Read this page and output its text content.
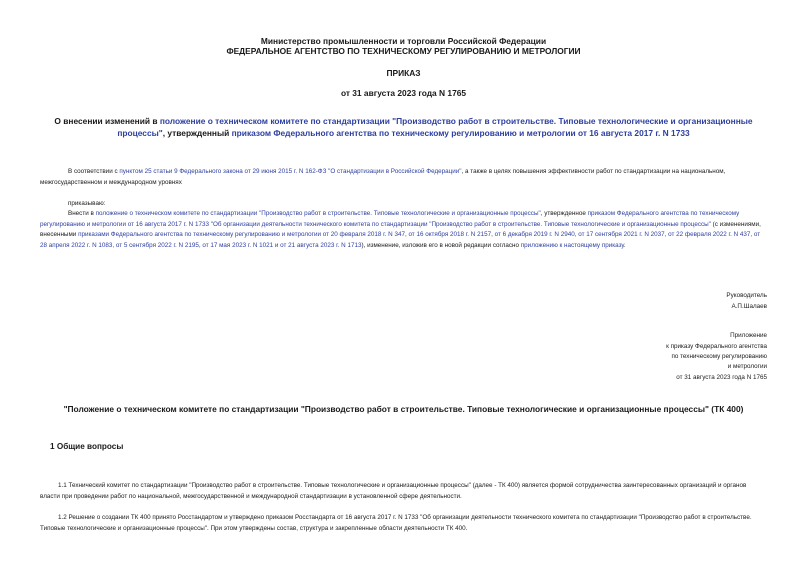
Министерство промышленности и торговли Российской Федерации
ФЕДЕРАЛЬНОЕ АГЕНТСТВО ПО ТЕХНИЧЕСКОМУ РЕГУЛИРОВАНИЮ И МЕТРОЛОГИИ
ПРИКАЗ
от 31 августа 2023 года N 1765
О внесении изменений в положение о техническом комитете по стандартизации "Производство работ в строительстве. Типовые технологические и организационные процессы", утвержденный приказом Федерального агентства по техническому регулированию и метрологии от 16 августа 2017 г. N 1733
В соответствии с пунктом 25 статьи 9 Федерального закона от 29 июня 2015 г. N 162-ФЗ "О стандартизации в Российской Федерации", а также в целях повышения эффективности работ по стандартизации на национальном, межгосударственном и международном уровнях
приказываю:
Внести в положение о техническом комитете по стандартизации "Производство работ в строительстве. Типовые технологические и организационные процессы", утвержденное приказом Федерального агентства по техническому регулированию и метрологии от 16 августа 2017 г. N 1733 "Об организации деятельности технического комитета по стандартизации "Производство работ в строительстве. Типовые технологические и организационные процессы" (с изменениями, внесенными приказами Федерального агентства по техническому регулированию и метрологии от 20 февраля 2018 г. N 347, от 16 октября 2018 г. N 2157, от 6 декабря 2019 г. N 2940, от 17 сентября 2021 г. N 2037, от 22 февраля 2022 г. N 437, от 28 апреля 2022 г. N 1083, от 5 сентября 2022 г. N 2195, от 17 мая 2023 г. N 1021 и от 21 августа 2023 г. N 1713), изменение, изложив его в новой редакции согласно приложению к настоящему приказу.
Руководитель
А.П.Шалаев
Приложение
к приказу Федерального агентства
по техническому регулированию
и метрологии
от 31 августа 2023 года N 1765
"Положение о техническом комитете по стандартизации "Производство работ в строительстве. Типовые технологические и организационные процессы" (ТК 400)
1 Общие вопросы
1.1 Технический комитет по стандартизации "Производство работ в строительстве. Типовые технологические и организационные процессы" (далее - ТК 400) является формой сотрудничества заинтересованных организаций и органов власти при проведении работ по национальной, межгосударственной и международной стандартизации в установленной сфере деятельности.
1.2 Решение о создании ТК 400 принято Росстандартом и утверждено приказом Росстандарта от 16 августа 2017 г. N 1733 "Об организации деятельности технического комитета по стандартизации "Производство работ в строительстве. Типовые технологические и организационные процессы". При этом утверждены состав, структура и закрепленные области деятельности ТК 400.
